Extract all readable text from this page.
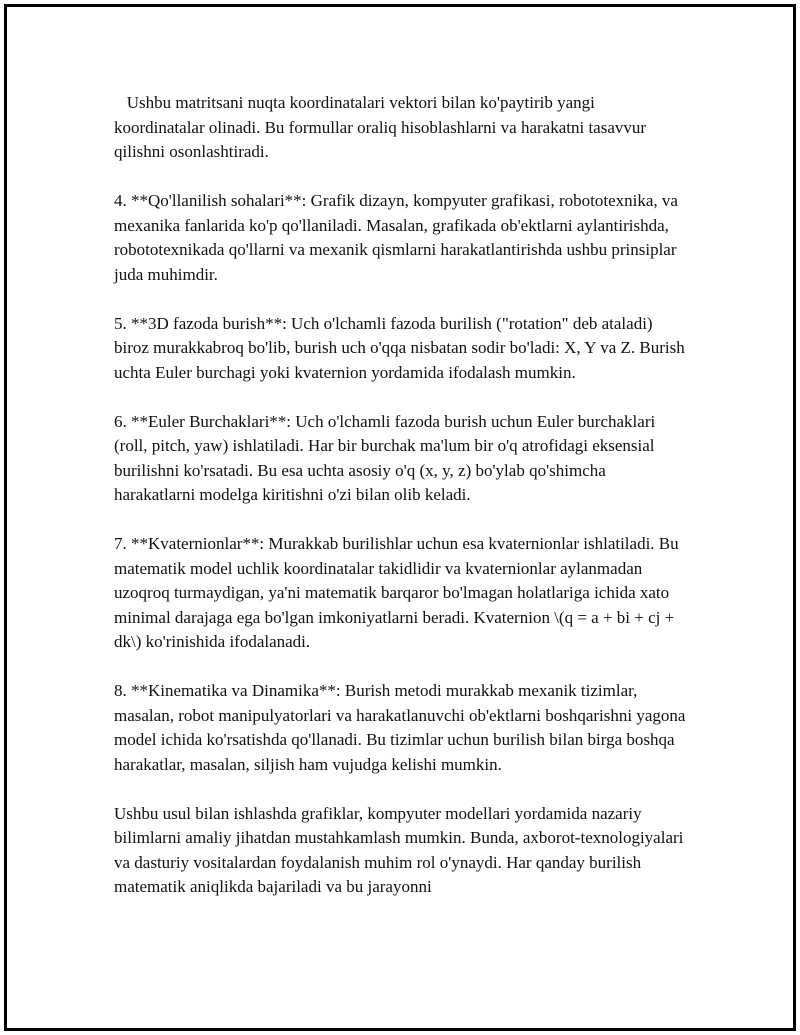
Ushbu matritsani nuqta koordinatalari vektori bilan ko'paytirib yangi koordinatalar olinadi. Bu formullar oraliq hisoblashlarni va harakatni tasavvur qilishni osonlashtiradi.

4. **Qo'llanilish sohalari**: Grafik dizayn, kompyuter grafikasi, robototexnika, va mexanika fanlarida ko'p qo'llaniladi. Masalan, grafikada ob'ektlarni aylantirishda, robototexnikada qo'llarni va mexanik qismlarni harakatlantirishda ushbu prinsiplar juda muhimdir.

5. **3D fazoda burish**: Uch o'lchamli fazoda burilish ("rotation" deb ataladi) biroz murakkabroq bo'lib, burish uch o'qqa nisbatan sodir bo'ladi: X, Y va Z. Burish uchta Euler burchagi yoki kvaternion yordamida ifodalash mumkin.

6. **Euler Burchaklari**: Uch o'lchamli fazoda burish uchun Euler burchaklari (roll, pitch, yaw) ishlatiladi. Har bir burchak ma'lum bir o'q atrofidagi eksensial burilishni ko'rsatadi. Bu esa uchta asosiy o'q (x, y, z) bo'ylab qo'shimcha harakatlarni modelga kiritishni o'zi bilan olib keladi.

7. **Kvaternionlar**: Murakkab burilishlar uchun esa kvaternionlar ishlatiladi. Bu matematik model uchlik koordinatalar takidlidir va kvaternionlar aylanmadan uzoqroq turmaydigan, ya'ni matematik barqaror bo'lmagan holatlariga ichida xato minimal darajaga ega bo'lgan imkoniyatlarni beradi. Kvaternion \(q = a + bi + cj + dk\) ko'rinishida ifodalanadi.

8. **Kinematika va Dinamika**: Burish metodi murakkab mexanik tizimlar, masalan, robot manipulyatorlari va harakatlanuvchi ob'ektlarni boshqarishni yagona model ichida ko'rsatishda qo'llanadi. Bu tizimlar uchun burilish bilan birga boshqa harakatlar, masalan, siljish ham vujudga kelishi mumkin.

Ushbu usul bilan ishlashda grafiklar, kompyuter modellari yordamida nazariy bilimlarni amaliy jihatdan mustahkamlash mumkin. Bunda, axborot-texnologiyalari va dasturiy vositalardan foydalanish muhim rol o'ynaydi. Har qanday burilish matematik aniqlikda bajariladi va bu jarayonni
